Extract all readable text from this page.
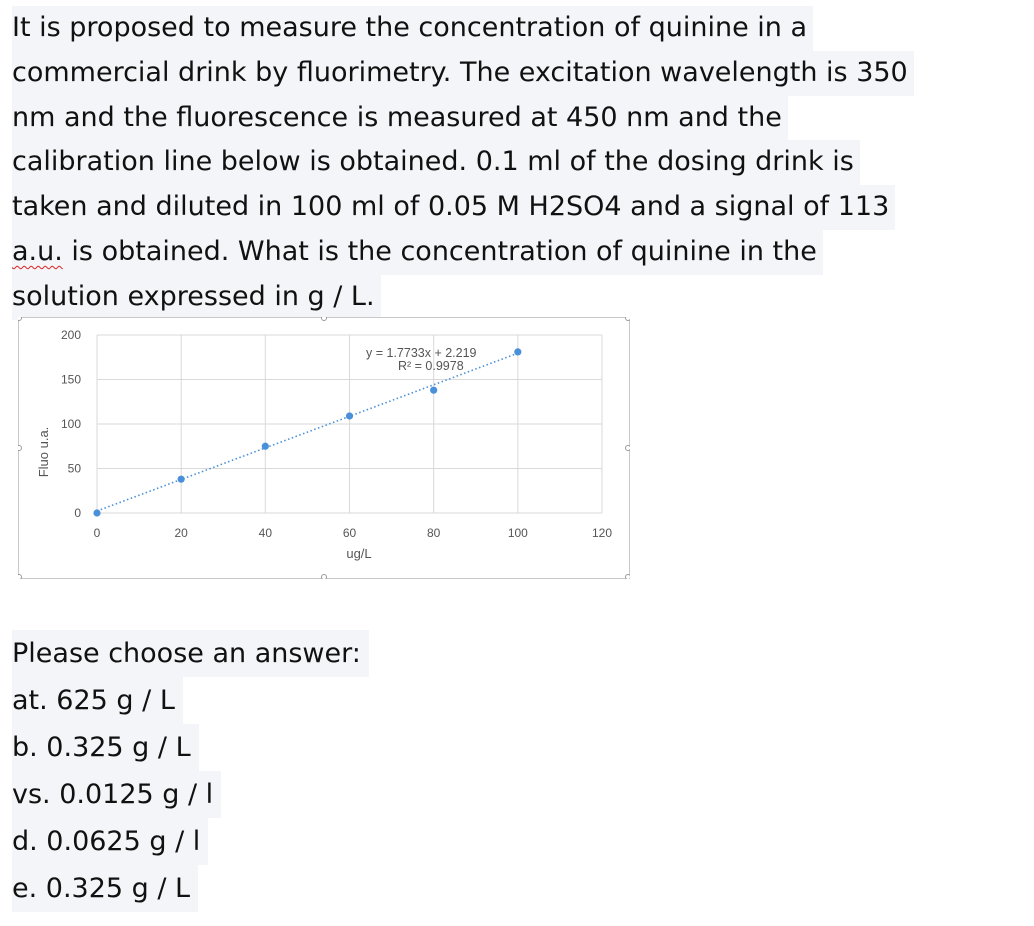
It is proposed to measure the concentration of quinine in a
commercial drink by fluorimetry. The excitation wavelength is 350
nm and the fluorescence is measured at 450 nm and the
calibration line below is obtained. 0.1 ml of the dosing drink is
taken and diluted in 100 ml of 0.05 M H2SO4 and a signal of 113
a.u. is obtained. What is the concentration of quinine in the
solution expressed in g / L.
0
50
100
150
200
0	20	40	60	80	100	120
Fluo u.a.
ug/L
y = 1.7733x + 2.219
R² = 0.9978
Please choose an answer:
at. 625 g / L
b. 0.325 g / L
vs. 0.0125 g / l
d. 0.0625 g / l
e. 0.325 g / L
